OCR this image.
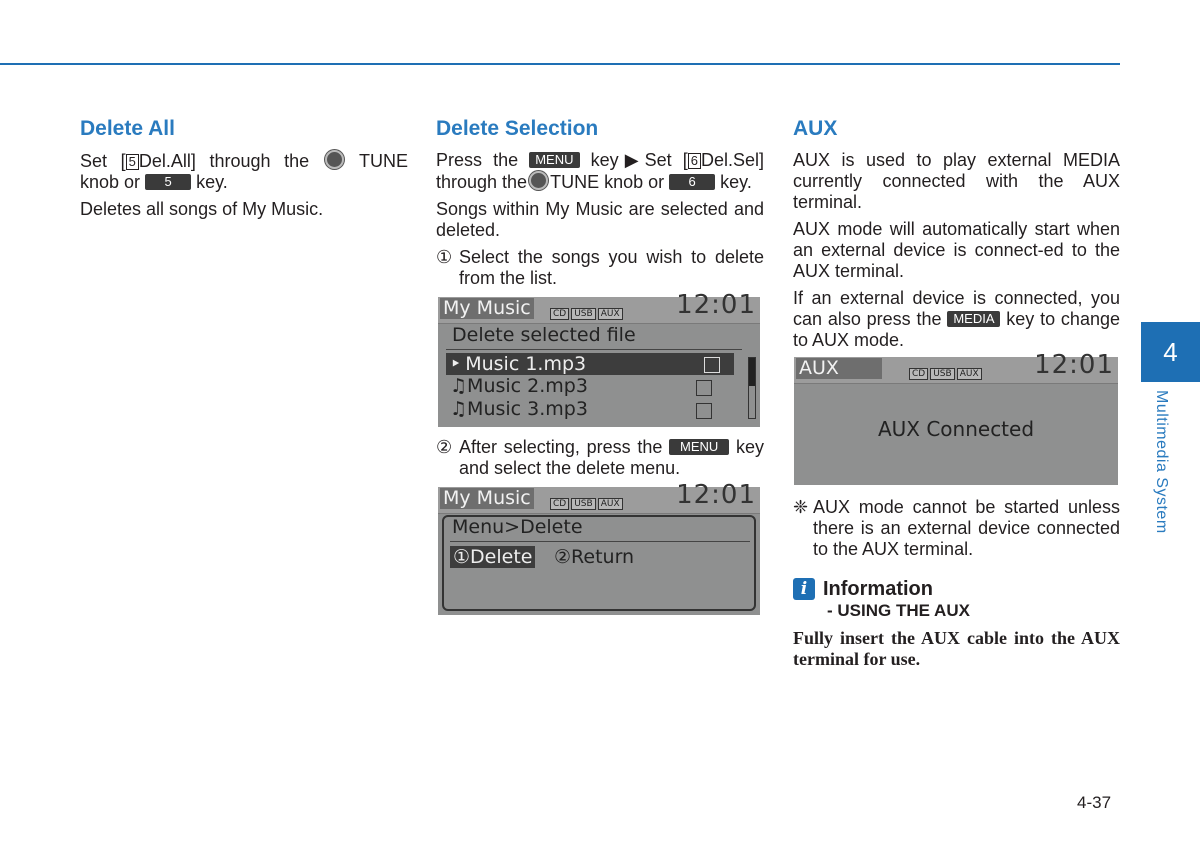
Delete All

Set [ 5 Del.All] through the	TUNE knob or 5 key.

Deletes all songs of My Music.

Delete Selection

Press the MENU key▶Set [ 6 Del.Sel] through the TUNE knob or 6 key.

Songs within My Music are selected and deleted.

① Select the songs you wish to delete from the list.
My Music	CD USB AUX 12:01
Delete selected file
‣ Music 1.mp3
♫Music 2.mp3
♫Music 3.mp3
② After selecting, press the MENU key and select the delete menu.
My Music	CD USB AUX 12:01
Menu>Delete
①Delete ②Return
AUX

AUX is used to play external MEDIA currently connected with the AUX terminal.

AUX mode will automatically start when an external device is connect-ed to the AUX terminal.

If an external device is connected, you can also press the MEDIA key to change to AUX mode.

AUX	CD USB AUX 12:01
AUX Connected
❈ AUX mode cannot be started unless there is an external device connected to the AUX terminal.
i Information
- USING THE AUX
Fully insert the AUX cable into the AUX terminal for use.
4
Multimedia System
4-37
